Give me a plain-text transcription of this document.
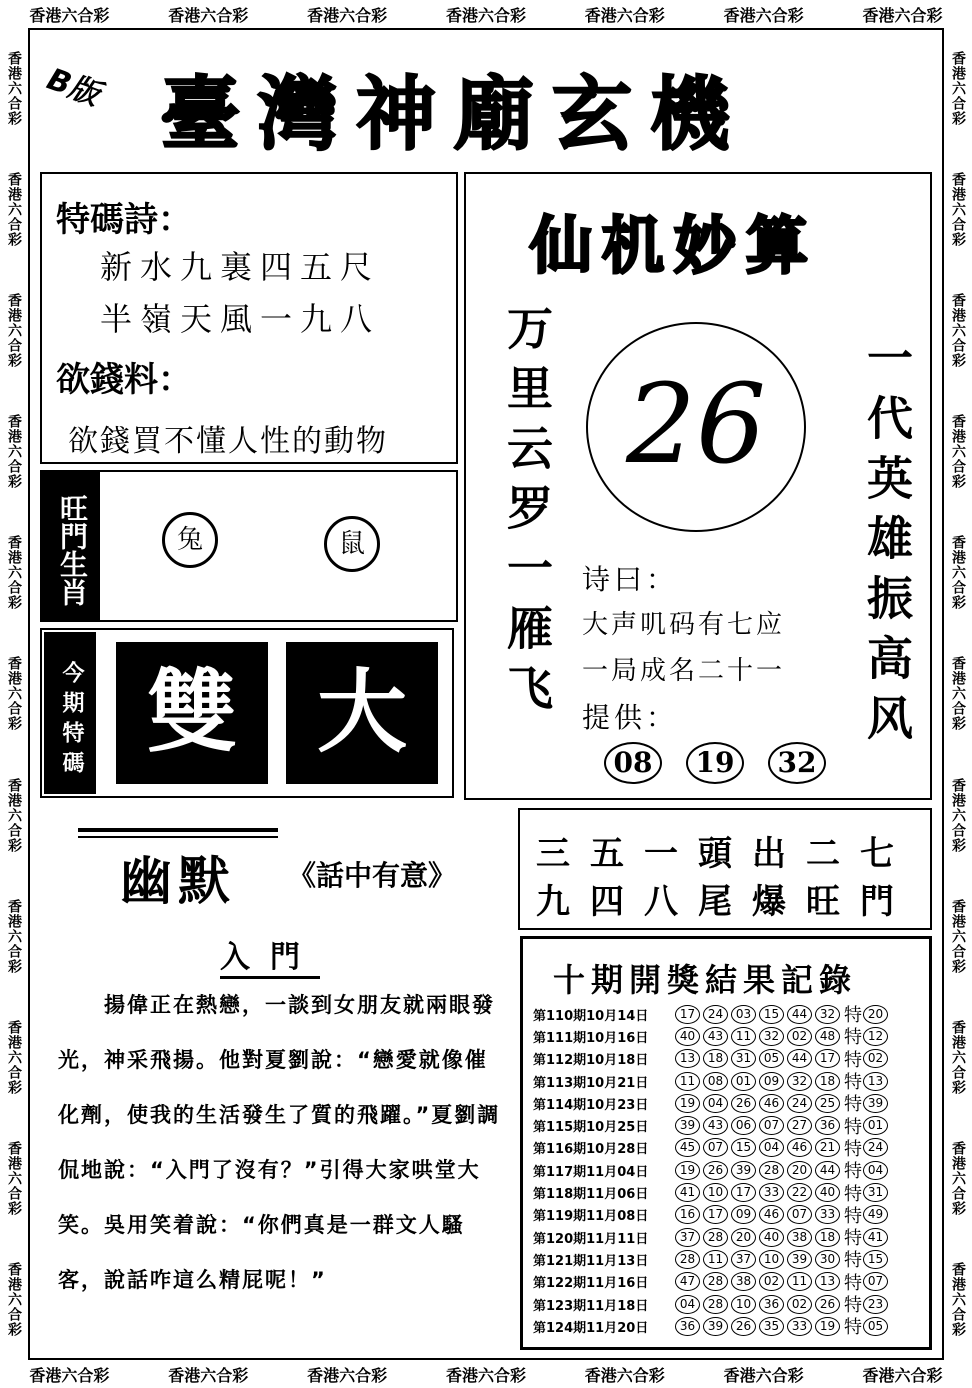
香港六合彩	香港六合彩	香港六合彩	香港六合彩	香港六合彩	香港六合彩	香港六合彩
香港六合彩	香港六合彩	香港六合彩	香港六合彩	香港六合彩	香港六合彩	香港六合彩
香港六合彩
香港六合彩
香港六合彩
香港六合彩
香港六合彩
香港六合彩
香港六合彩
香港六合彩
香港六合彩
香港六合彩
香港六合彩
香港六合彩
香港六合彩
香港六合彩
香港六合彩
香港六合彩
香港六合彩
香港六合彩
香港六合彩
香港六合彩
香港六合彩
香港六合彩
B版 臺灣神廟玄機
特碼詩：
新水九裏四五尺
半嶺天風一九八
欲錢料：
欲錢買不懂人性的動物
旺門生肖	兔	鼠
今期特碼 雙 大
仙机妙算
万里云罗一雁飞	一代英雄振高风
26
诗曰：
大声叽码有七应
一局成名二十一
提供：
08 19 32
幽默	《話中有意》
入門
　　揚偉正在熱戀，一談到女朋友就兩眼發光，神采飛揚。他對夏劉說：“戀愛就像催化劑，使我的生活發生了質的飛躍。”夏劉調侃地說：“入門了沒有？”引得大家哄堂大笑。吳用笑着說：“你們真是一群文人騷客，說話咋這么精屁呢！”
三五一頭出二七
九四八尾爆旺門
十期開獎結果記錄
第110期10月14日	17	24	03	15	44	32 特 20
第111期10月16日	40	43	11	32	02	48 特 12
第112期10月18日	13	18	31	05	44	17 特 02
第113期10月21日	11	08	01	09	32	18 特 13
第114期10月23日	19	04	26	46	24	25 特 39
第115期10月25日	39	43	06	07	27	36 特 01
第116期10月28日	45	07	15	04	46	21 特 24
第117期11月04日	19	26	39	28	20	44 特 04
第118期11月06日	41	10	17	33	22	40 特 31
第119期11月08日	16	17	09	46	07	33 特 49
第120期11月11日	37	28	20	40	38	18 特 41
第121期11月13日	28	11	37	10	39	30 特 15
第122期11月16日	47	28	38	02	11	13 特 07
第123期11月18日	04	28	10	36	02	26 特 23
第124期11月20日	36	39	26	35	33	19 特 05
